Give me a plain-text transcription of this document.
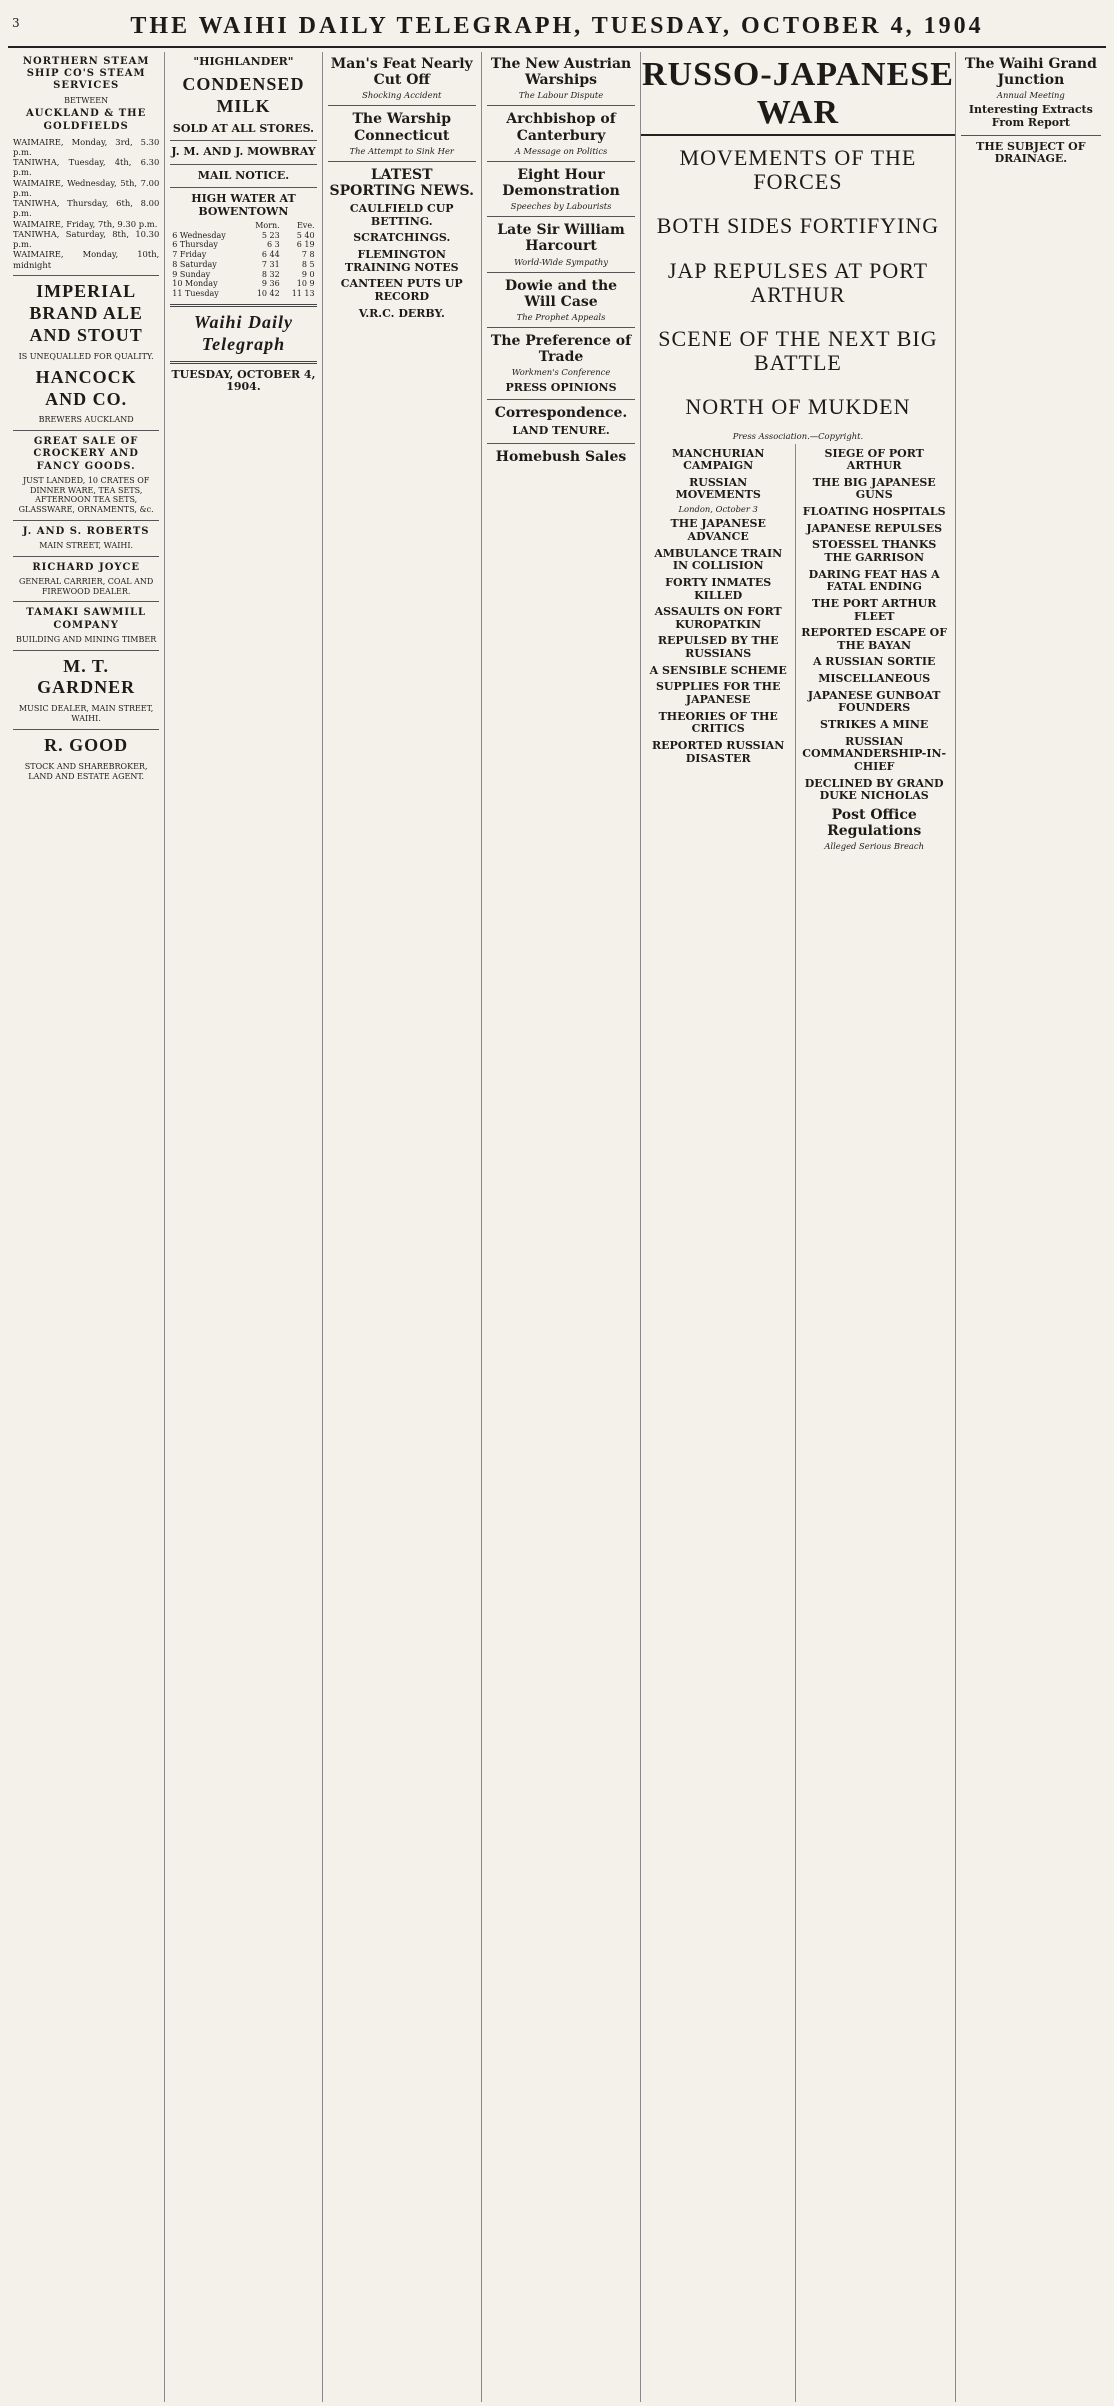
3	THE WAIHI DAILY TELEGRAPH, TUESDAY, OCTOBER 4, 1904
NORTHERN STEAM SHIP CO'S STEAM SERVICES
BETWEEN
AUCKLAND & THE GOLDFIELDS
WAIMAIRE, Monday, 3rd, 5.30 p.m.
TANIWHA, Tuesday, 4th, 6.30 p.m.
WAIMAIRE, Wednesday, 5th, 7.00 p.m.
TANIWHA, Thursday, 6th, 8.00 p.m.
WAIMAIRE, Friday, 7th, 9.30 p.m.
TANIWHA, Saturday, 8th, 10.30 p.m.
WAIMAIRE, Monday, 10th, midnight
IMPERIAL BRAND ALE AND STOUT
IS UNEQUALLED FOR QUALITY.
HANCOCK AND CO.
BREWERS AUCKLAND
GREAT SALE OF CROCKERY AND FANCY GOODS.
JUST LANDED, 10 CRATES OF DINNER WARE, TEA SETS, AFTERNOON TEA SETS, GLASSWARE, ORNAMENTS, &c.
J. AND S. ROBERTS
MAIN STREET, WAIHI.
RICHARD JOYCE
GENERAL CARRIER, COAL AND FIREWOOD DEALER.
TAMAKI SAWMILL COMPANY
BUILDING AND MINING TIMBER
M. T. GARDNER
MUSIC DEALER, MAIN STREET, WAIHI.
R. GOOD
STOCK AND SHAREBROKER, LAND AND ESTATE AGENT.
"HIGHLANDER"
CONDENSED MILK
SOLD AT ALL STORES.
J. M. AND J. MOWBRAY
MAIL NOTICE.
HIGH WATER AT BOWENTOWN
	Morn.	Eve.
6 Wednesday	5 23	5 40
6 Thursday	6 3	6 19
7 Friday	6 44	7 8
8 Saturday	7 31	8 5
9 Sunday	8 32	9 0
10 Monday	9 36	10 9
11 Tuesday	10 42	11 13
Waihi Daily Telegraph
TUESDAY, OCTOBER 4, 1904.
Man's Feat Nearly Cut Off
Shocking Accident
The Warship Connecticut
The Attempt to Sink Her
LATEST SPORTING NEWS.
CAULFIELD CUP BETTING.
SCRATCHINGS.
FLEMINGTON TRAINING NOTES
CANTEEN PUTS UP RECORD
V.R.C. DERBY.
The New Austrian Warships
The Labour Dispute
Archbishop of Canterbury
A Message on Politics
Eight Hour Demonstration
Speeches by Labourists
Late Sir William Harcourt
World-Wide Sympathy
Dowie and the Will Case
The Prophet Appeals
The Preference of Trade
Workmen's Conference
PRESS OPINIONS
Correspondence.
LAND TENURE.
Homebush Sales
RUSSO-JAPANESE WAR
MOVEMENTS OF THE FORCES
BOTH SIDES FORTIFYING
JAP REPULSES AT PORT ARTHUR
SCENE OF THE NEXT BIG BATTLE
NORTH OF MUKDEN
Press Association.—Copyright.
MANCHURIAN CAMPAIGN
RUSSIAN MOVEMENTS
London, October 3
THE JAPANESE ADVANCE
AMBULANCE TRAIN IN COLLISION
FORTY INMATES KILLED
ASSAULTS ON FORT KUROPATKIN
REPULSED BY THE RUSSIANS
A SENSIBLE SCHEME
SUPPLIES FOR THE JAPANESE
THEORIES OF THE CRITICS
REPORTED RUSSIAN DISASTER
SIEGE OF PORT ARTHUR
THE BIG JAPANESE GUNS
FLOATING HOSPITALS
JAPANESE REPULSES
STOESSEL THANKS THE GARRISON
DARING FEAT HAS A FATAL ENDING
THE PORT ARTHUR FLEET
REPORTED ESCAPE OF THE BAYAN
A RUSSIAN SORTIE
MISCELLANEOUS
JAPANESE GUNBOAT FOUNDERS
STRIKES A MINE
RUSSIAN COMMANDERSHIP-IN-CHIEF
DECLINED BY GRAND DUKE NICHOLAS
Post Office Regulations
Alleged Serious Breach
The Waihi Grand Junction
Annual Meeting
Interesting Extracts From Report
THE SUBJECT OF DRAINAGE.
